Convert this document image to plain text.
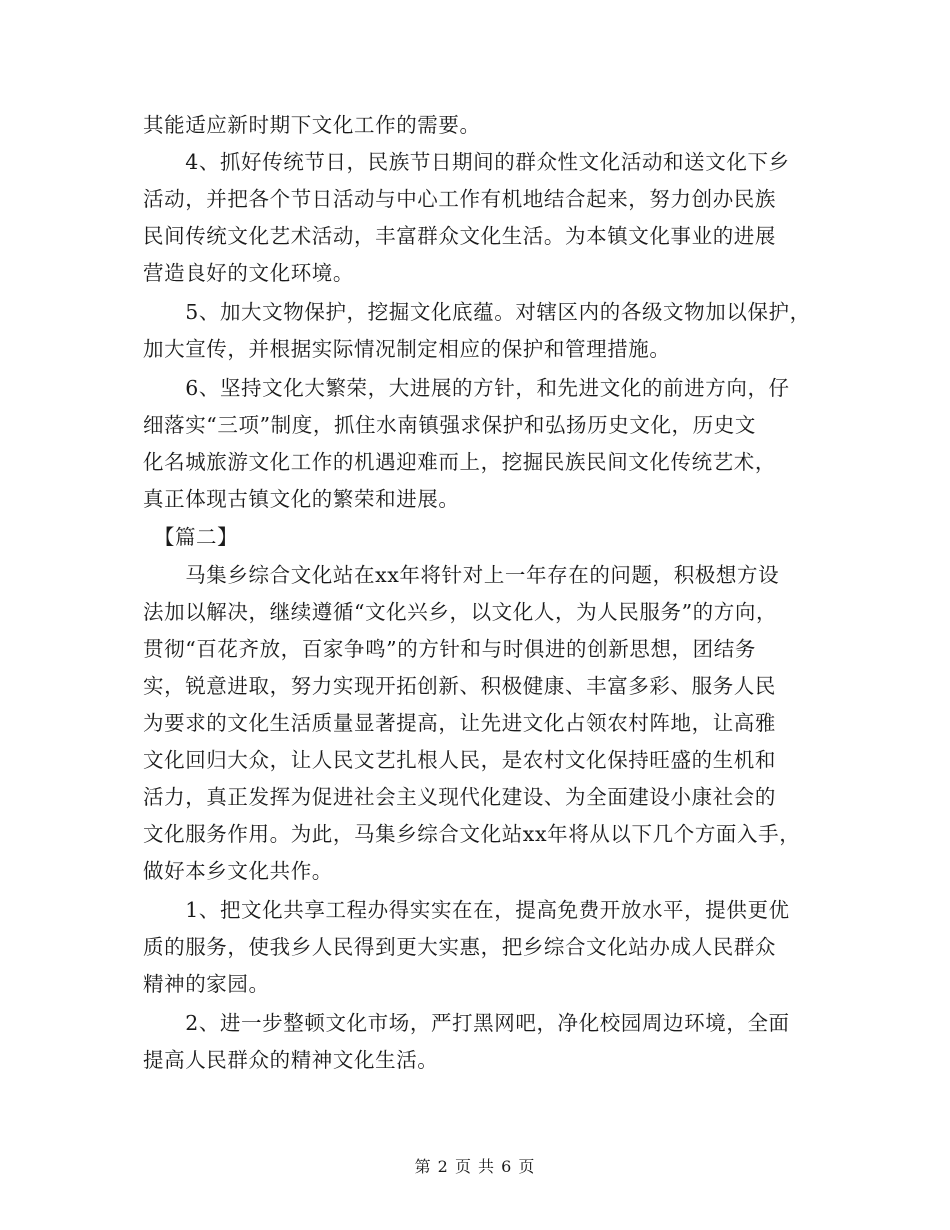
其能适应新时期下文化工作的需要。
　　4、抓好传统节日，民族节日期间的群众性文化活动和送文化下乡
活动，并把各个节日活动与中心工作有机地结合起来，努力创办民族
民间传统文化艺术活动，丰富群众文化生活。为本镇文化事业的进展
营造良好的文化环境。
　　5、加大文物保护，挖掘文化底蕴。对辖区内的各级文物加以保护，
加大宣传，并根据实际情况制定相应的保护和管理措施。
　　6、坚持文化大繁荣，大进展的方针，和先进文化的前进方向，仔
细落实“三项”制度，抓住水南镇强求保护和弘扬历史文化，历史文
化名城旅游文化工作的机遇迎难而上，挖掘民族民间文化传统艺术，
真正体现古镇文化的繁荣和进展。
　【篇二】
　　马集乡综合文化站在xx年将针对上一年存在的问题，积极想方设
法加以解决，继续遵循“文化兴乡，以文化人，为人民服务”的方向，
贯彻“百花齐放，百家争鸣”的方针和与时俱进的创新思想，团结务
实，锐意进取，努力实现开拓创新、积极健康、丰富多彩、服务人民
为要求的文化生活质量显著提高，让先进文化占领农村阵地，让高雅
文化回归大众，让人民文艺扎根人民，是农村文化保持旺盛的生机和
活力，真正发挥为促进社会主义现代化建设、为全面建设小康社会的
文化服务作用。为此，马集乡综合文化站xx年将从以下几个方面入手，
做好本乡文化共作。
　　1、把文化共享工程办得实实在在，提高免费开放水平，提供更优
质的服务，使我乡人民得到更大实惠，把乡综合文化站办成人民群众
精神的家园。
　　2、进一步整顿文化市场，严打黑网吧，净化校园周边环境，全面
提高人民群众的精神文化生活。
第 2 页 共 6 页
